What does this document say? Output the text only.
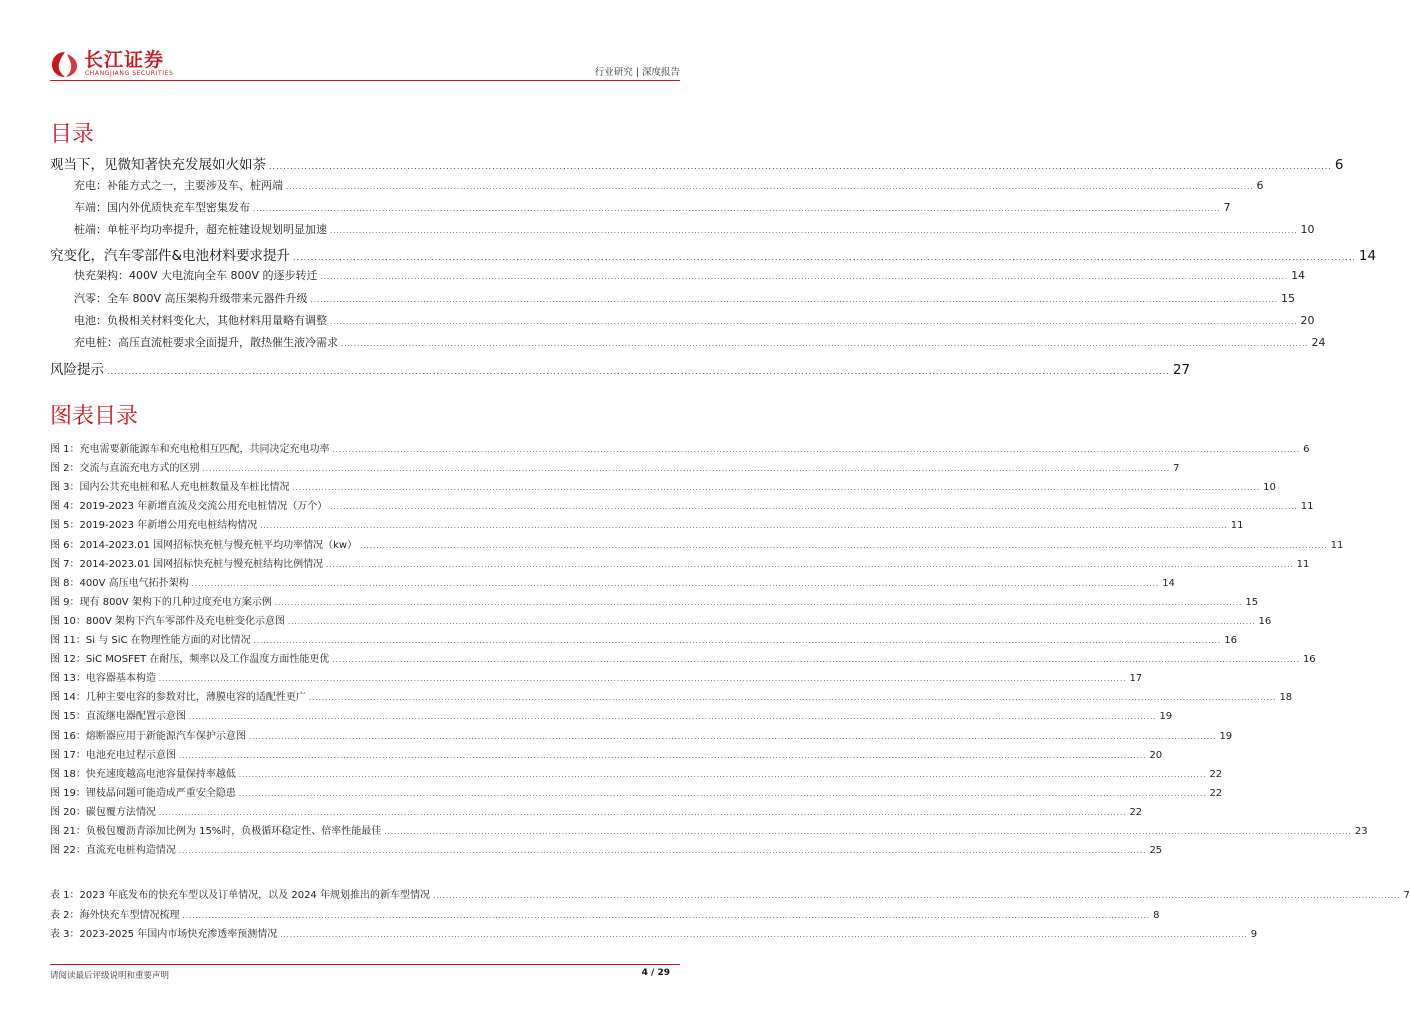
长江证券
CHANGJIANG SECURITIES	行业研究 | 深度报告
目录
观当下，见微知著快充发展如火如荼 ............................................................................................................................................................................................................................................................................................................ 6
充电：补能方式之一，主要涉及车、桩两端 ............................................................................................................................................................................................................................................................................................................ 6
车端：国内外优质快充车型密集发布 ............................................................................................................................................................................................................................................................................................................ 7
桩端：单桩平均功率提升，超充桩建设规划明显加速 ............................................................................................................................................................................................................................................................................................................ 10
究变化，汽车零部件&电池材料要求提升 ............................................................................................................................................................................................................................................................................................................ 14
快充架构：400V 大电流向全车 800V 的逐步转迁 ............................................................................................................................................................................................................................................................................................................ 14
汽零：全车 800V 高压架构升级带来元器件升级 ............................................................................................................................................................................................................................................................................................................ 15
电池：负极相关材料变化大，其他材料用量略有调整 ............................................................................................................................................................................................................................................................................................................ 20
充电桩：高压直流桩要求全面提升，散热催生液冷需求 ............................................................................................................................................................................................................................................................................................................ 24
风险提示 ............................................................................................................................................................................................................................................................................................................ 27
图表目录
图 1：充电需要新能源车和充电枪相互匹配，共同决定充电功率 ............................................................................................................................................................................................................................................................................................................ 6
图 2：交流与直流充电方式的区别 ............................................................................................................................................................................................................................................................................................................ 7
图 3：国内公共充电桩和私人充电桩数量及车桩比情况 ............................................................................................................................................................................................................................................................................................................ 10
图 4：2019-2023 年新增直流及交流公用充电桩情况（万个） ............................................................................................................................................................................................................................................................................................................ 11
图 5：2019-2023 年新增公用充电桩结构情况 ............................................................................................................................................................................................................................................................................................................ 11
图 6：2014-2023.01 国网招标快充桩与慢充桩平均功率情况（kw） ............................................................................................................................................................................................................................................................................................................ 11
图 7：2014-2023.01 国网招标快充桩与慢充桩结构比例情况 ............................................................................................................................................................................................................................................................................................................ 11
图 8：400V 高压电气拓扑架构 ............................................................................................................................................................................................................................................................................................................ 14
图 9：现有 800V 架构下的几种过度充电方案示例 ............................................................................................................................................................................................................................................................................................................ 15
图 10：800V 架构下汽车零部件及充电桩变化示意图 ............................................................................................................................................................................................................................................................................................................ 16
图 11：Si 与 SiC 在物理性能方面的对比情况 ............................................................................................................................................................................................................................................................................................................ 16
图 12：SiC MOSFET 在耐压，频率以及工作温度方面性能更优 ............................................................................................................................................................................................................................................................................................................ 16
图 13：电容器基本构造 ............................................................................................................................................................................................................................................................................................................ 17
图 14：几种主要电容的参数对比，薄膜电容的适配性更广 ............................................................................................................................................................................................................................................................................................................ 18
图 15：直流继电器配置示意图 ............................................................................................................................................................................................................................................................................................................ 19
图 16：熔断器应用于新能源汽车保护示意图 ............................................................................................................................................................................................................................................................................................................ 19
图 17：电池充电过程示意图 ............................................................................................................................................................................................................................................................................................................ 20
图 18：快充速度越高电池容量保持率越低 ............................................................................................................................................................................................................................................................................................................ 22
图 19：锂枝晶问题可能造成严重安全隐患 ............................................................................................................................................................................................................................................................................................................ 22
图 20：碳包覆方法情况 ............................................................................................................................................................................................................................................................................................................ 22
图 21：负极包覆沥青添加比例为 15%时，负极循环稳定性、倍率性能最佳 ............................................................................................................................................................................................................................................................................................................ 23
图 22：直流充电桩构造情况 ............................................................................................................................................................................................................................................................................................................ 25
表 1：2023 年底发布的快充车型以及订单情况，以及 2024 年规划推出的新车型情况 ............................................................................................................................................................................................................................................................................................................ 7
表 2：海外快充车型情况梳理 ............................................................................................................................................................................................................................................................................................................ 8
表 3：2023-2025 年国内市场快充渗透率预测情况 ............................................................................................................................................................................................................................................................................................................ 9
请阅读最后评级说明和重要声明	4 / 29
